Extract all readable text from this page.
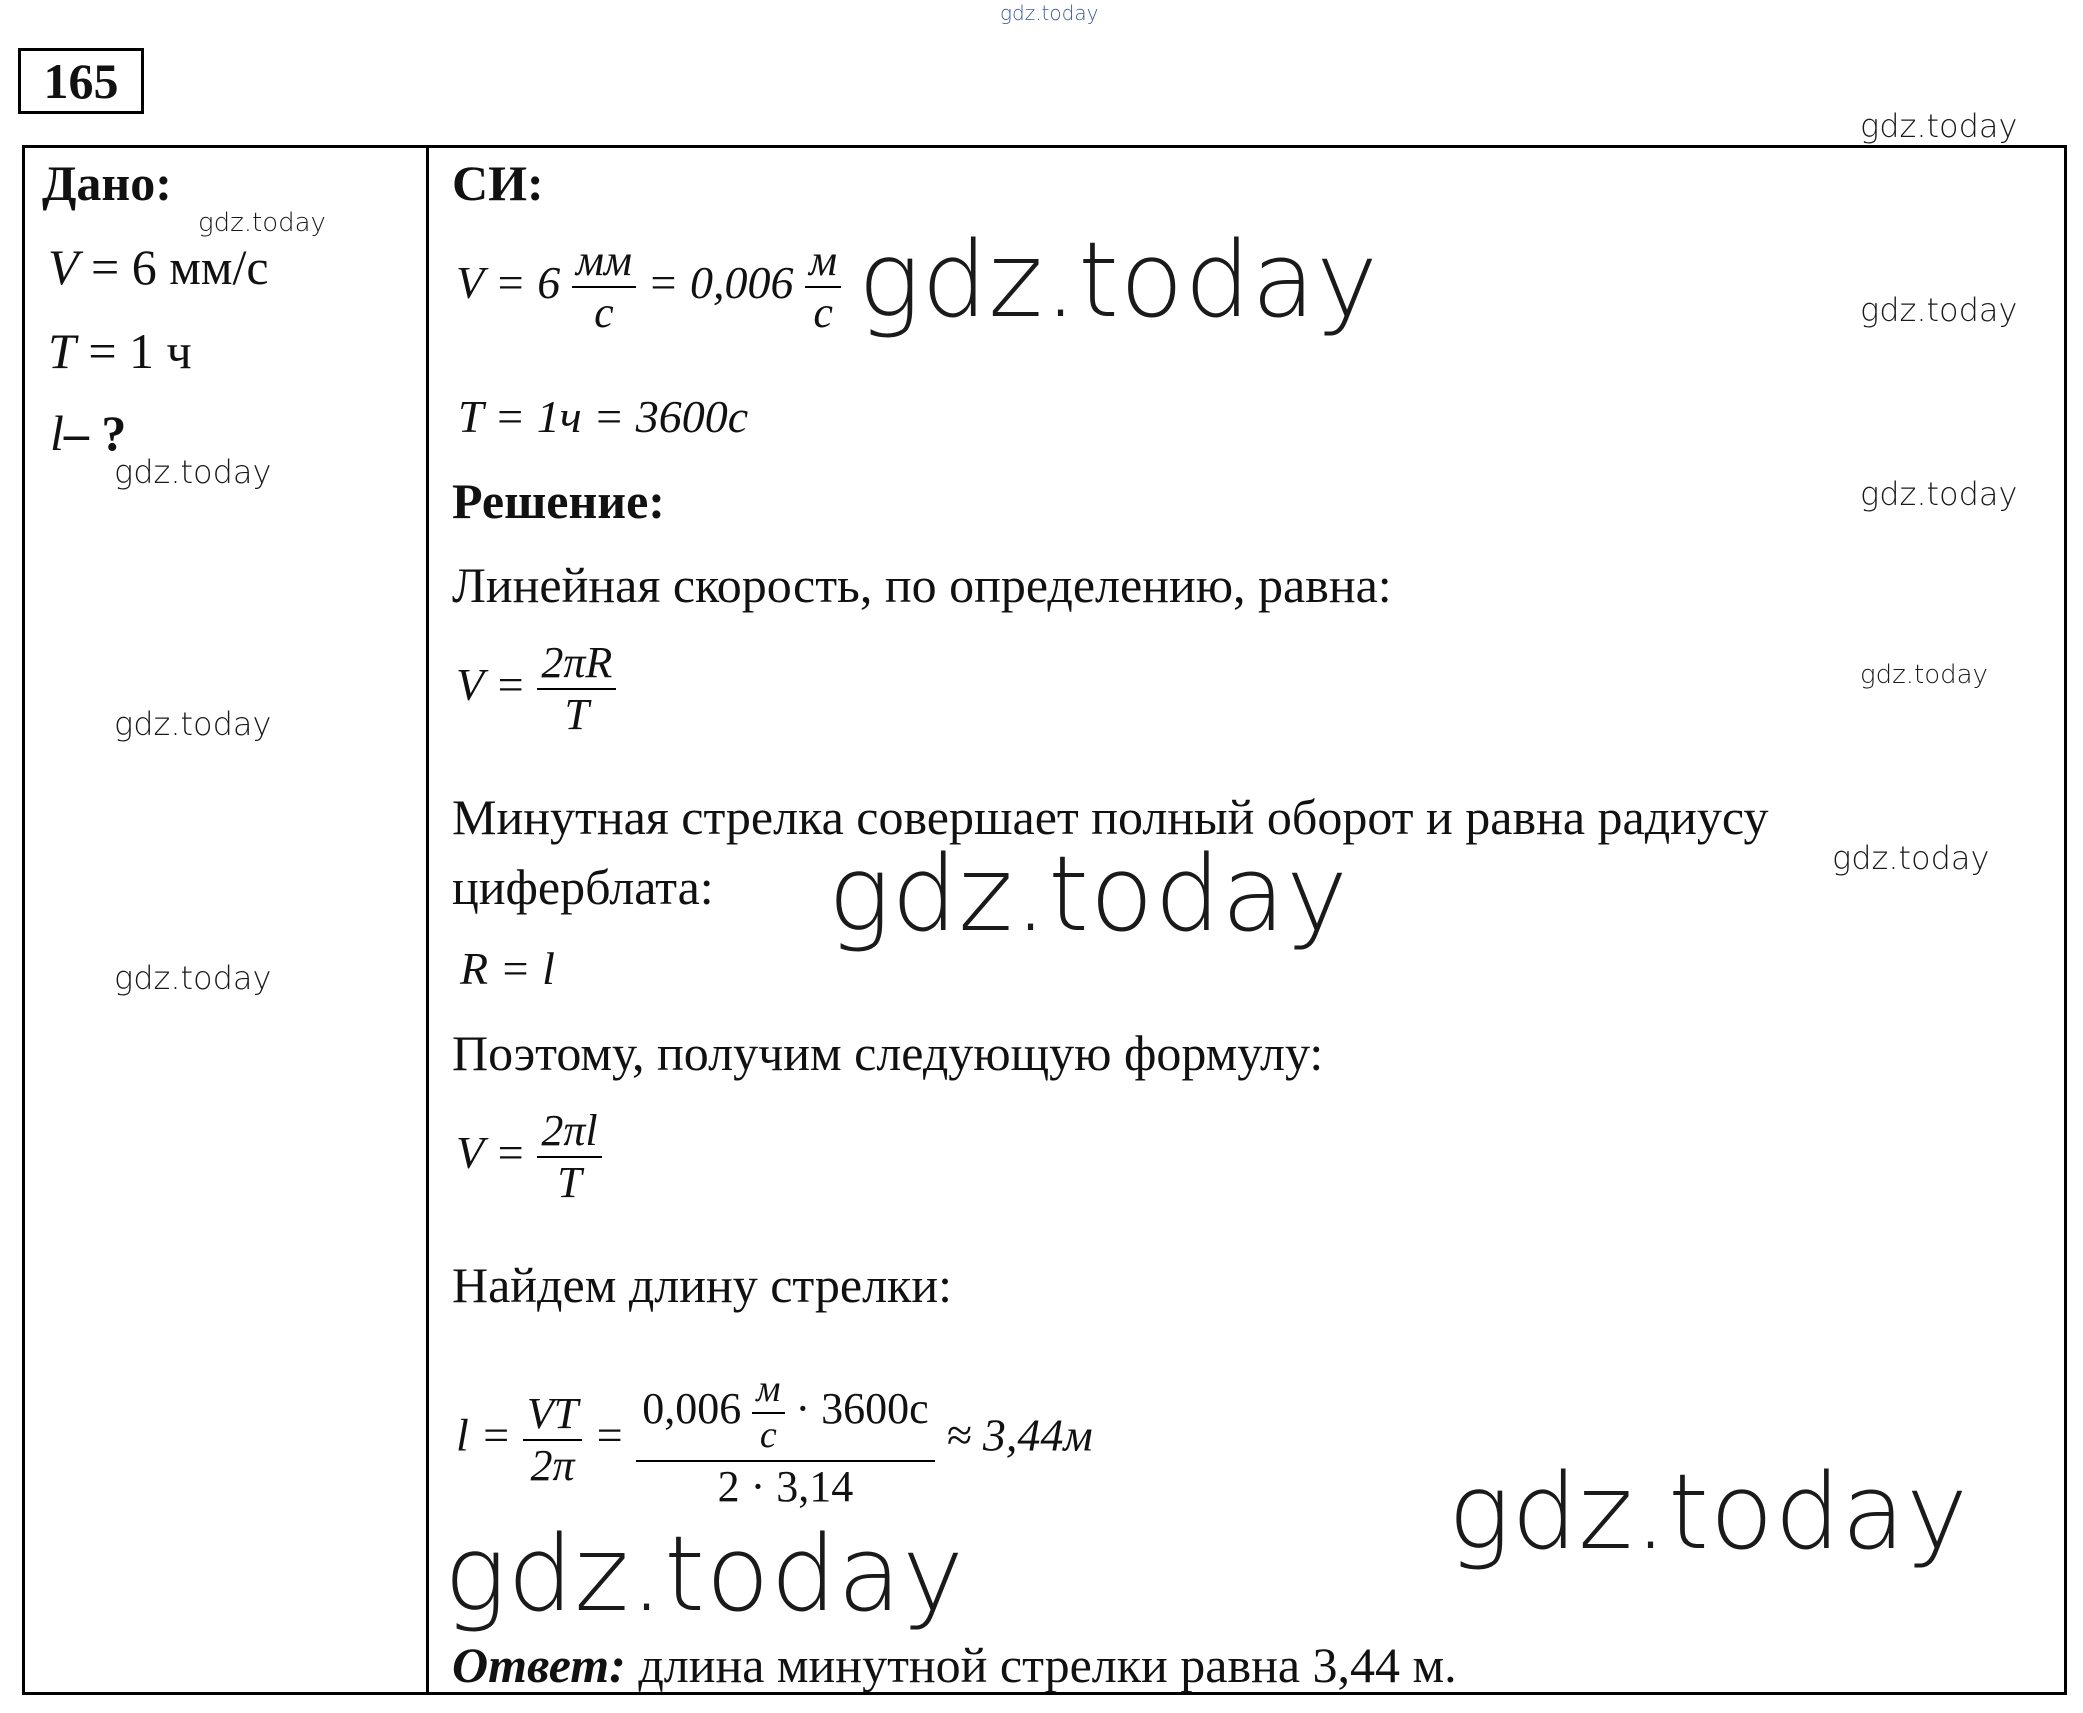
gdz.today
gdz.today
gdz.today
gdz.today
gdz.today
gdz.today
gdz.today
gdz.today
gdz.today
gdz.today
gdz.today
gdz.today
gdz.today
gdz.today
165
Дано:
V = 6 мм/с
T = 1 ч
l– ?
СИ:
$V = 6 \frac{мм}{с} = 0,006 \frac{м}{с}$
T = 1ч = 3600с
Решение:
Линейная скорость, по определению, равна:
$V = \frac{2\pi R}{T}$
Минутная стрелка совершает полный оборот и равна радиусу
циферблата:
R = l
Поэтому, получим следующую формулу:
$V = \frac{2\pi l}{T}$
Найдем длину стрелки:
$l = \frac{VT}{2\pi} = \frac{0,006 \frac{м}{с} \cdot 3600с}{2 \cdot 3,14} \approx 3,44м$
Ответ: длина минутной стрелки равна 3,44 м.
